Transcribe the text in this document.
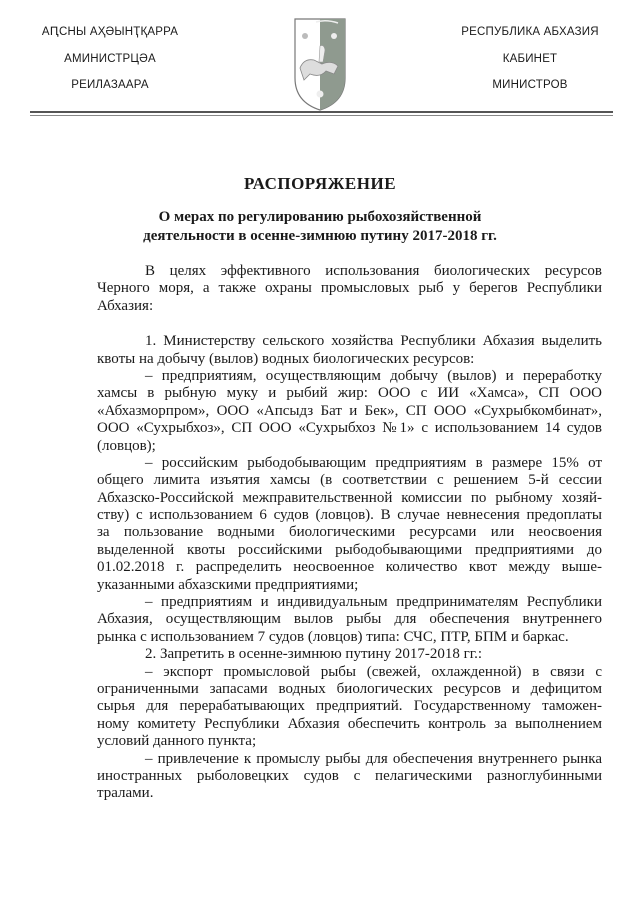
АԤСНЫ АҲӘЫНҬҚАРРА
АМИНИСТРЦӘА
РЕИЛАЗААРА
РЕСПУБЛИКА АБХАЗИЯ
КАБИНЕТ
МИНИСТРОВ
РАСПОРЯЖЕНИЕ
О мерах по регулированию рыбохозяйственной
деятельности в осенне-зимнюю путину 2017-2018 гг.
В целях эффективного использования биологических ресурсов
Черного моря, а также охраны промысловых рыб у берегов Республики
Абхазия:
1. Министерству сельского хозяйства Республики Абхазия выделить
квоты на добычу (вылов) водных биологических ресурсов:
– предприятиям, осуществляющим добычу (вылов) и переработку
хамсы в рыбную муку и рыбий жир: ООО с ИИ «Хамса», СП ООО
«Абхазморпром», ООО «Апсыдз Бат и Бек», СП ООО «Сухрыбкомбинат»,
ООО «Сухрыбхоз», СП ООО «Сухрыбхоз №1» с использованием 14 судов
(ловцов);
– российским рыбодобывающим предприятиям в размере 15% от
общего лимита изъятия хамсы (в соответствии с решением 5-й сессии
Абхазско-Российской межправительственной комиссии по рыбному хозяй-
ству) с использованием 6 судов (ловцов). В случае невнесения предоплаты
за пользование водными биологическими ресурсами или неосвоения
выделенной квоты российскими рыбодобывающими предприятиями до
01.02.2018 г. распределить неосвоенное количество квот между выше-
указанными абхазскими предприятиями;
– предприятиям и индивидуальным предпринимателям Республики
Абхазия, осуществляющим вылов рыбы для обеспечения внутреннего
рынка с использованием 7 судов (ловцов) типа: СЧС, ПТР, БПМ и баркас.
2. Запретить в осенне-зимнюю путину 2017-2018 гг.:
– экспорт промысловой рыбы (свежей, охлажденной) в связи с
ограниченными запасами водных биологических ресурсов и дефицитом
сырья для перерабатывающих предприятий. Государственному таможен-
ному комитету Республики Абхазия обеспечить контроль за выполнением
условий данного пункта;
– привлечение к промыслу рыбы для обеспечения внутреннего рынка
иностранных рыболовецких судов с пелагическими разноглубинными
тралами.
